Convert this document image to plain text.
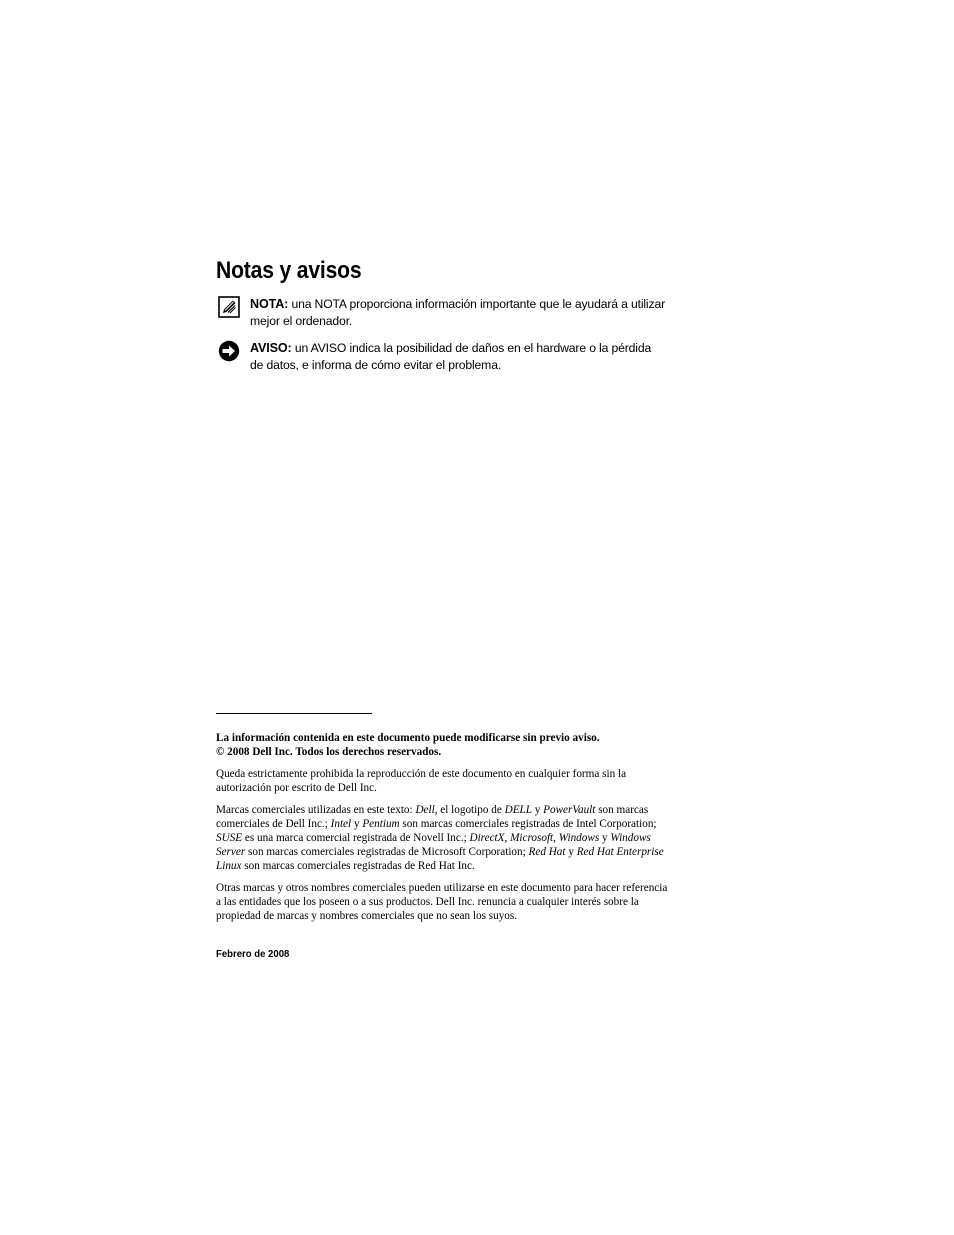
Notas y avisos
NOTA: una NOTA proporciona información importante que le ayudará a utilizar
mejor el ordenador.
AVISO: un AVISO indica la posibilidad de daños en el hardware o la pérdida
de datos, e informa de cómo evitar el problema.

La información contenida en este documento puede modificarse sin previo aviso.
© 2008 Dell Inc. Todos los derechos reservados.

Queda estrictamente prohibida la reproducción de este documento en cualquier forma sin la
autorización por escrito de Dell Inc.

Marcas comerciales utilizadas en este texto: Dell, el logotipo de DELL y PowerVault son marcas
comerciales de Dell Inc.; Intel y Pentium son marcas comerciales registradas de Intel Corporation;
SUSE es una marca comercial registrada de Novell Inc.; DirectX, Microsoft, Windows y Windows
Server son marcas comerciales registradas de Microsoft Corporation; Red Hat y Red Hat Enterprise
Linux son marcas comerciales registradas de Red Hat Inc.

Otras marcas y otros nombres comerciales pueden utilizarse en este documento para hacer referencia
a las entidades que los poseen o a sus productos. Dell Inc. renuncia a cualquier interés sobre la
propiedad de marcas y nombres comerciales que no sean los suyos.

Febrero de 2008
